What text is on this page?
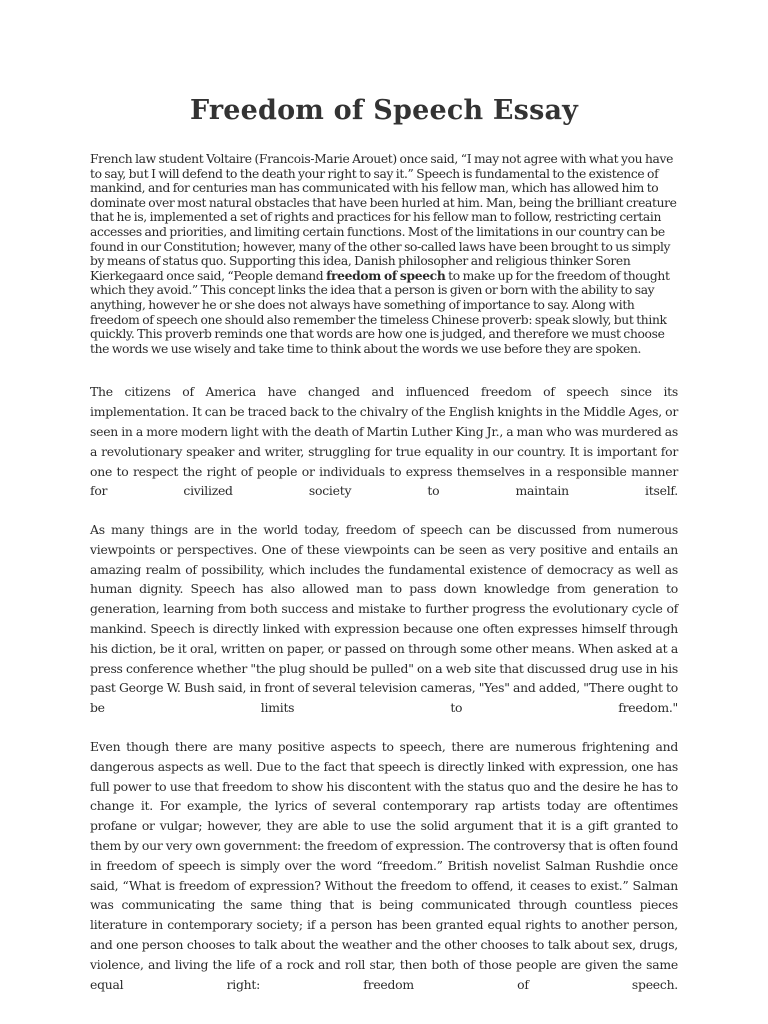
Freedom of Speech Essay

French law student Voltaire (Francois-Marie Arouet) once said, “I may not agree with what you have to say, but I will defend to the death your right to say it.” Speech is fundamental to the existence of mankind, and for centuries man has communicated with his fellow man, which has allowed him to dominate over most natural obstacles that have been hurled at him. Man, being the brilliant creature that he is, implemented a set of rights and practices for his fellow man to follow, restricting certain accesses and priorities, and limiting certain functions. Most of the limitations in our country can be found in our Constitution; however, many of the other so-called laws have been brought to us simply by means of status quo. Supporting this idea, Danish philosopher and religious thinker Soren Kierkegaard once said, “People demand freedom of speech to make up for the freedom of thought which they avoid.” This concept links the idea that a person is given or born with the ability to say anything, however he or she does not always have something of importance to say. Along with freedom of speech one should also remember the timeless Chinese proverb: speak slowly, but think quickly. This proverb reminds one that words are how one is judged, and therefore we must choose the words we use wisely and take time to think about the words we use before they are spoken.

The citizens of America have changed and influenced freedom of speech since its implementation. It can be traced back to the chivalry of the English knights in the Middle Ages, or seen in a more modern light with the death of Martin Luther King Jr., a man who was murdered as a revolutionary speaker and writer, struggling for true equality in our country. It is important for one to respect the right of people or individuals to express themselves in a responsible manner for civilized society to maintain itself.

As many things are in the world today, freedom of speech can be discussed from numerous viewpoints or perspectives. One of these viewpoints can be seen as very positive and entails an amazing realm of possibility, which includes the fundamental existence of democracy as well as human dignity. Speech has also allowed man to pass down knowledge from generation to generation, learning from both success and mistake to further progress the evolutionary cycle of mankind. Speech is directly linked with expression because one often expresses himself through his diction, be it oral, written on paper, or passed on through some other means. When asked at a press conference whether "the plug should be pulled" on a web site that discussed drug use in his past George W. Bush said, in front of several television cameras, "Yes" and added, "There ought to be limits to freedom."

Even though there are many positive aspects to speech, there are numerous frightening and dangerous aspects as well. Due to the fact that speech is directly linked with expression, one has full power to use that freedom to show his discontent with the status quo and the desire he has to change it. For example, the lyrics of several contemporary rap artists today are oftentimes profane or vulgar; however, they are able to use the solid argument that it is a gift granted to them by our very own government: the freedom of expression. The controversy that is often found in freedom of speech is simply over the word “freedom.” British novelist Salman Rushdie once said, “What is freedom of expression? Without the freedom to offend, it ceases to exist.” Salman was communicating the same thing that is being communicated through countless pieces literature in contemporary society; if a person has been granted equal rights to another person, and one person chooses to talk about the weather and the other chooses to talk about sex, drugs, violence, and living the life of a rock and roll star, then both of those people are given the same equal right: freedom of speech.
